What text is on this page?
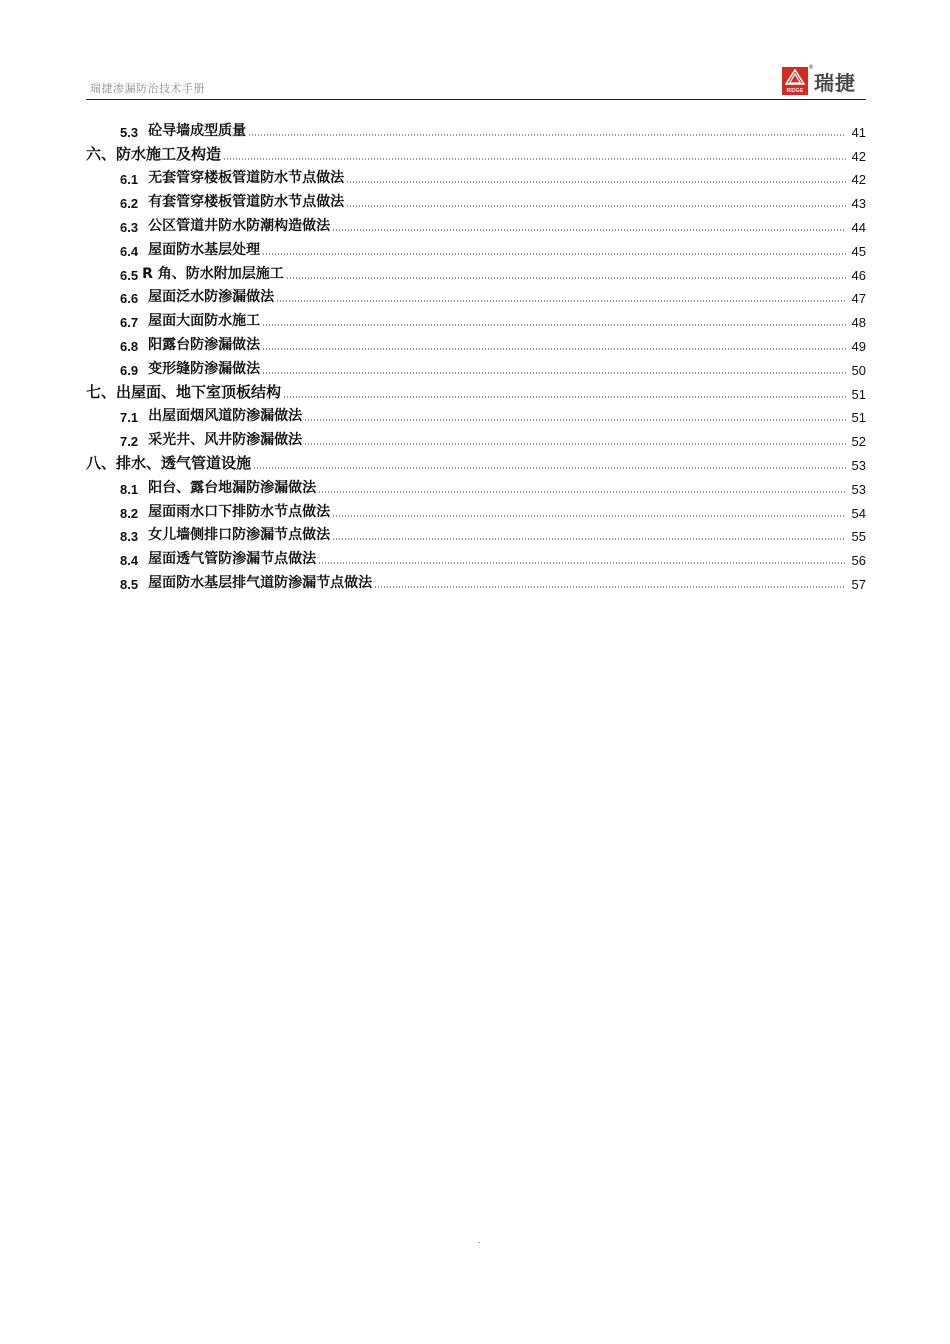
瑞捷渗漏防治技术手册	RIDGE
®
瑞捷
5.3 砼导墙成型质量	41
六、 防水施工及构造	42
6.1 无套管穿楼板管道防水节点做法	42
6.2 有套管穿楼板管道防水节点做法	43
6.3 公区管道井防水防潮构造做法	44
6.4 屋面防水基层处理	45
6.5 R 角、防水附加层施工	46
6.6 屋面泛水防渗漏做法	47
6.7 屋面大面防水施工	48
6.8 阳露台防渗漏做法	49
6.9 变形缝防渗漏做法	50
七、 出屋面、地下室顶板结构	51
7.1 出屋面烟风道防渗漏做法	51
7.2 采光井、风井防渗漏做法	52
八、 排水、透气管道设施	53
8.1 阳台、露台地漏防渗漏做法	53
8.2 屋面雨水口下排防水节点做法	54
8.3 女儿墙侧排口防渗漏节点做法	55
8.4 屋面透气管防渗漏节点做法	56
8.5 屋面防水基层排气道防渗漏节点做法	57
.
